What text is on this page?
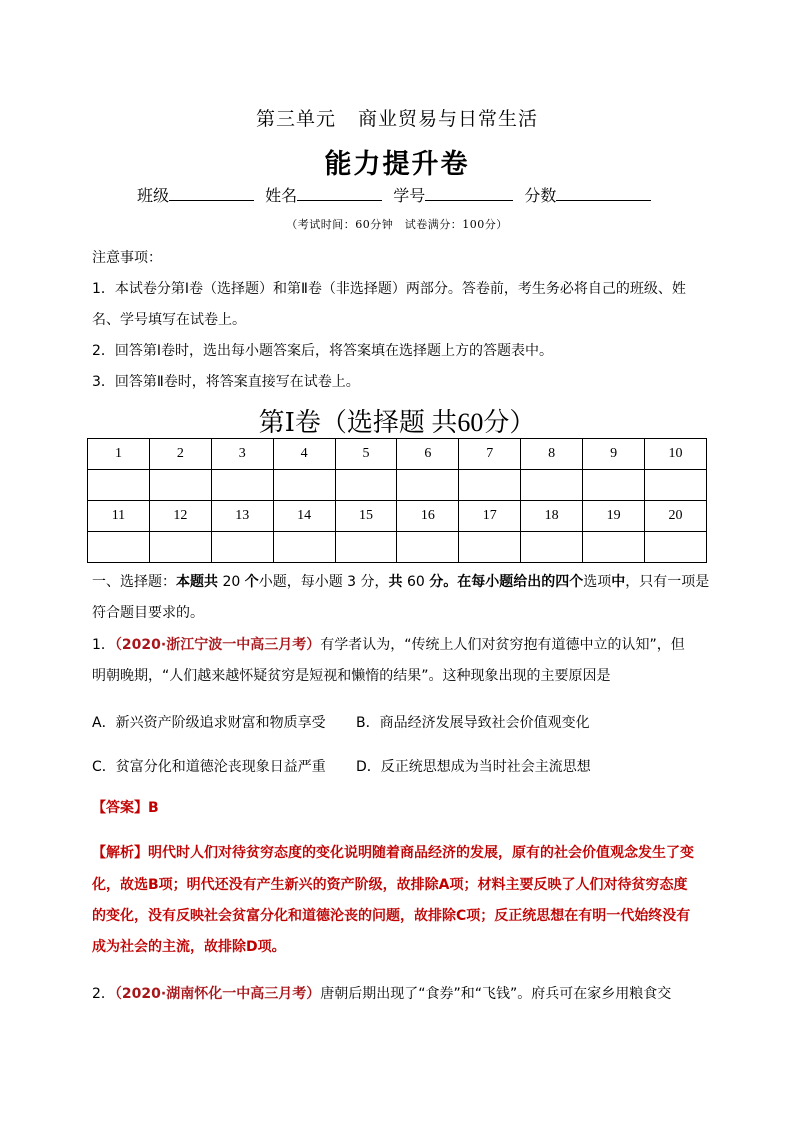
第三单元 商业贸易与日常生活
能力提升卷
班级	姓名	学号	分数
（考试时间：60分钟　试卷满分：100分）
注意事项：
1．本试卷分第Ⅰ卷（选择题）和第Ⅱ卷（非选择题）两部分。答卷前，考生务必将自己的班级、姓
名、学号填写在试卷上。
2．回答第Ⅰ卷时，选出每小题答案后，将答案填在选择题上方的答题表中。
3．回答第Ⅱ卷时，将答案直接写在试卷上。
第Ⅰ卷（选择题 共60分）
1	2	3	4	5	6	7	8	9	10

11	12	13	14	15	16	17	18	19	20

一、选择题：本题共 20 个小题，每小题 3 分，共 60 分。在每小题给出的四个选项中，只有一项是
符合题目要求的。
1．（2020·浙江宁波一中高三月考）有学者认为，“传统上人们对贫穷抱有道德中立的认知”，但
明朝晚期，“人们越来越怀疑贫穷是短视和懒惰的结果”。这种现象出现的主要原因是
A．新兴资产阶级追求财富和物质享受 B．商品经济发展导致社会价值观变化
C．贫富分化和道德沦丧现象日益严重 D．反正统思想成为当时社会主流思想
【答案】B
【解析】明代时人们对待贫穷态度的变化说明随着商品经济的发展，原有的社会价值观念发生了变
化，故选B项；明代还没有产生新兴的资产阶级，故排除A项；材料主要反映了人们对待贫穷态度
的变化，没有反映社会贫富分化和道德沦丧的问题，故排除C项；反正统思想在有明一代始终没有
成为社会的主流，故排除D项。
2．（2020·湖南怀化一中高三月考）唐朝后期出现了“食券”和“飞钱”。府兵可在家乡用粮食交
